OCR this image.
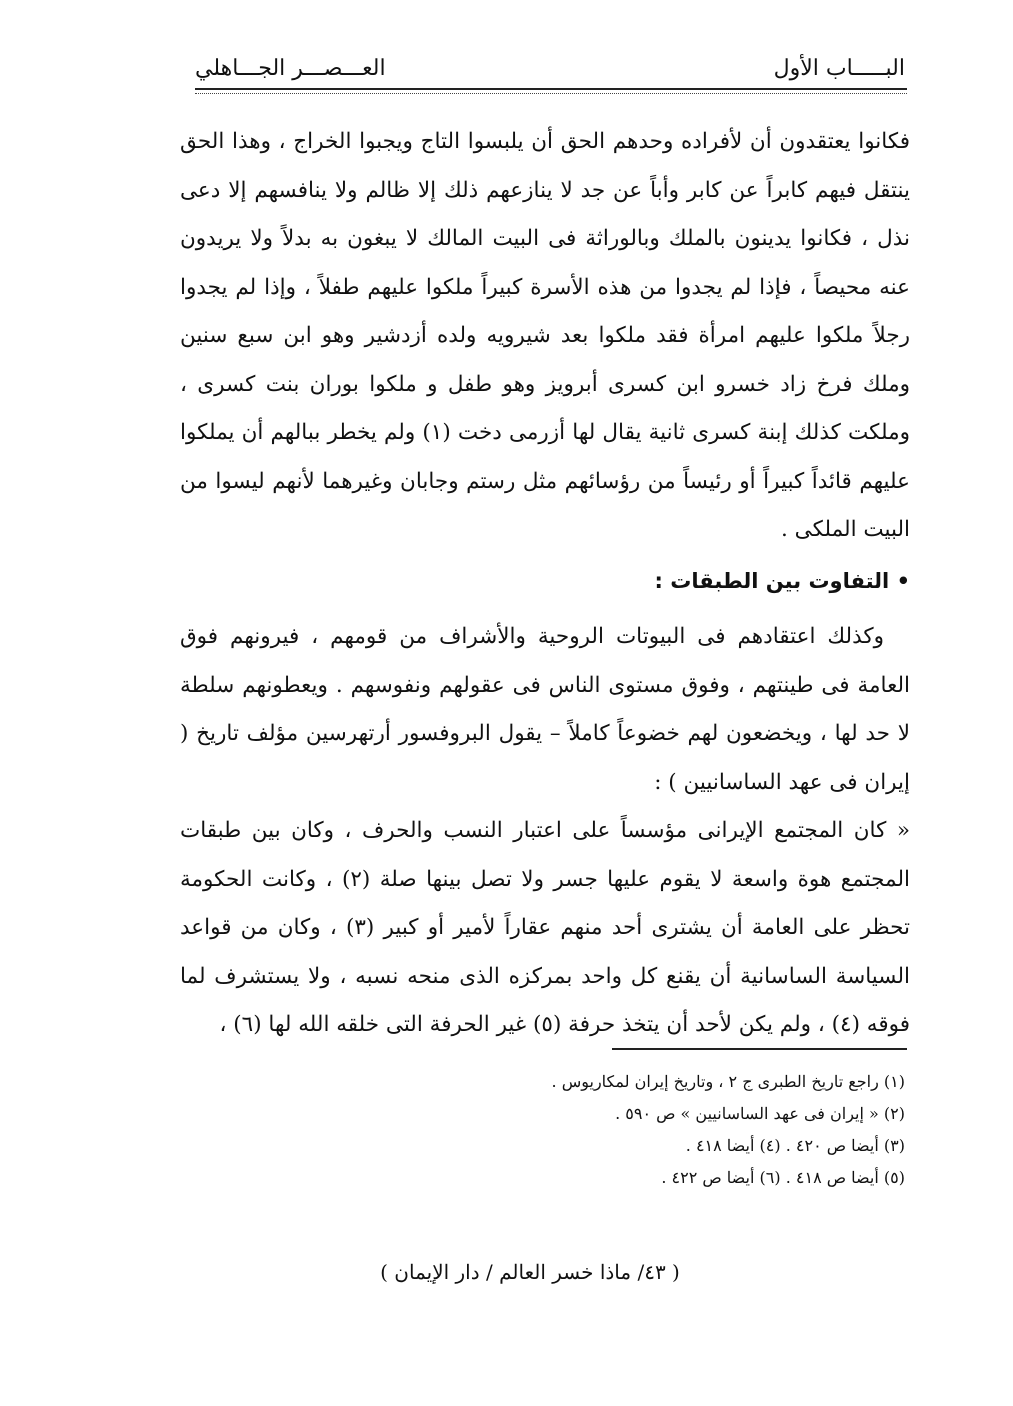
البـــــاب الأول
العـــصـــر الجـــاهلي

فكانوا يعتقدون أن لأفراده وحدهم الحق أن يلبسوا التاج ويجبوا الخراج ، وهذا الحق ينتقل فيهم كابراً عن كابر وأباً عن جد لا ينازعهم ذلك إلا ظالم ولا ينافسهم إلا دعى نذل ، فكانوا يدينون بالملك وبالوراثة فى البيت المالك لا يبغون به بدلاً ولا يريدون عنه محيصاً ، فإذا لم يجدوا من هذه الأسرة كبيراً ملكوا عليهم طفلاً ، وإذا لم يجدوا رجلاً ملكوا عليهم امرأة فقد ملكوا بعد شيرويه ولده أزدشير وهو ابن سبع سنين وملك فرخ زاد خسرو ابن كسرى أبرويز وهو طفل و ملكوا بوران بنت كسرى ، وملكت كذلك إبنة كسرى ثانية يقال لها أزرمى دخت (١) ولم يخطر ببالهم أن يملكوا عليهم قائداً كبيراً أو رئيساً من رؤسائهم مثل رستم وجابان وغيرهما لأنهم ليسوا من البيت الملكى .

• التفاوت بين الطبقات :

وكذلك اعتقادهم فى البيوتات الروحية والأشراف من قومهم ، فيرونهم فوق العامة فى طينتهم ، وفوق مستوى الناس فى عقولهم ونفوسهم . ويعطونهم سلطة لا حد لها ، ويخضعون لهم خضوعاً كاملاً – يقول البروفسور أرتهرسين مؤلف تاريخ ( إيران فى عهد الساسانيين ) :

« كان المجتمع الإيرانى مؤسساً على اعتبار النسب والحرف ، وكان بين طبقات المجتمع هوة واسعة لا يقوم عليها جسر ولا تصل بينها صلة (٢) ، وكانت الحكومة تحظر على العامة أن يشترى أحد منهم عقاراً لأمير أو كبير (٣) ، وكان من قواعد السياسة الساسانية أن يقنع كل واحد بمركزه الذى منحه نسبه ، ولا يستشرف لما فوقه (٤) ، ولم يكن لأحد أن يتخذ حرفة (٥) غير الحرفة التى خلقه الله لها (٦) ،

(١) راجع تاريخ الطبرى ج ٢ ، وتاريخ إيران لمكاريوس .
(٢) « إيران فى عهد الساسانيين » ص ٥٩٠ .
(٣) أيضا ص ٤٢٠ . (٤) أيضا ٤١٨ .
(٥) أيضا ص ٤١٨ . (٦) أيضا ص ٤٢٢ .
( ٤٣/ ماذا خسر العالم / دار الإيمان )
